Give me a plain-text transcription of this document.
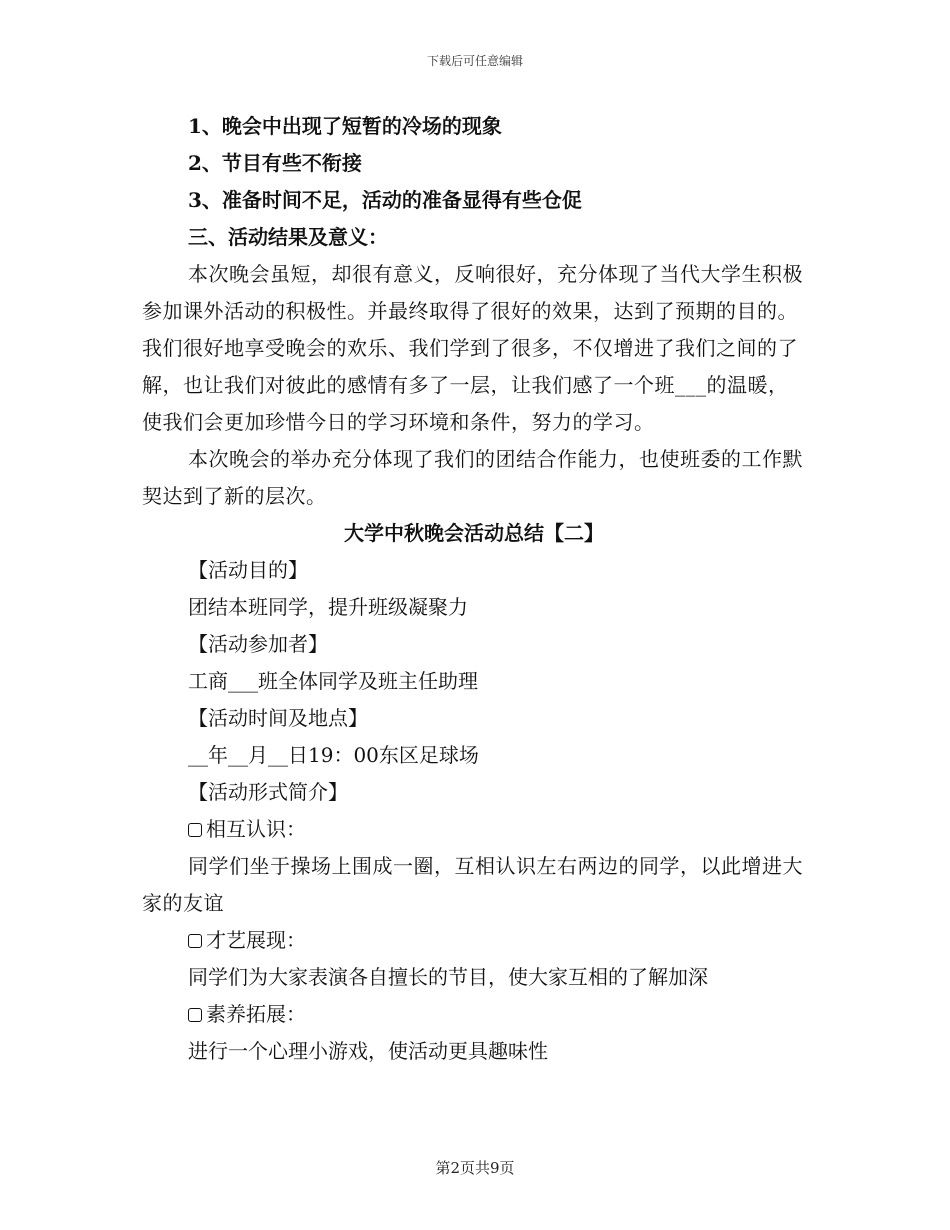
下载后可任意编辑
1、晚会中出现了短暂的冷场的现象
2、节目有些不衔接
3、准备时间不足，活动的准备显得有些仓促
三、活动结果及意义：
本次晚会虽短，却很有意义，反响很好，充分体现了当代大学生积极参加课外活动的积极性。并最终取得了很好的效果，达到了预期的目的。我们很好地享受晚会的欢乐、我们学到了很多，不仅增进了我们之间的了解，也让我们对彼此的感情有多了一层，让我们感了一个班___的温暖，使我们会更加珍惜今日的学习环境和条件，努力的学习。
本次晚会的举办充分体现了我们的团结合作能力，也使班委的工作默契达到了新的层次。
大学中秋晚会活动总结【二】
【活动目的】
团结本班同学，提升班级凝聚力
【活动参加者】
工商___班全体同学及班主任助理
【活动时间及地点】
__年__月__日19：00东区足球场
【活动形式简介】
相互认识：
同学们坐于操场上围成一圈，互相认识左右两边的同学，以此增进大家的友谊
才艺展现：
同学们为大家表演各自擅长的节目，使大家互相的了解加深
素养拓展：
进行一个心理小游戏，使活动更具趣味性
第2页共9页
